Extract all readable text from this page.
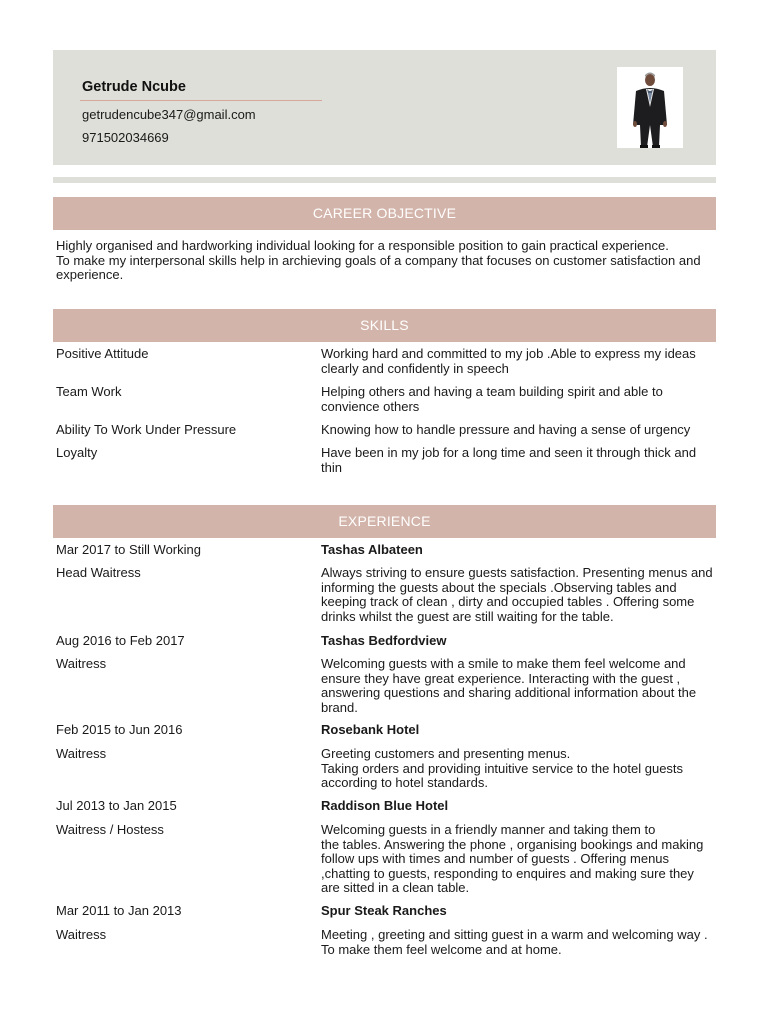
Getrude Ncube
getrudencube347@gmail.com
971502034669
CAREER OBJECTIVE
Highly organised and hardworking individual looking for a responsible position to gain practical experience.
To make my interpersonal skills help in archieving goals of a company that focuses on customer satisfaction and experience.
SKILLS
Positive Attitude	Working hard and committed to my job .Able to express my ideas clearly and confidently in speech
Team Work	Helping others and having a team building spirit and able to convience others
Ability To Work Under Pressure	Knowing how to handle pressure and having a sense of urgency
Loyalty	Have been in my job for a long time and seen it through thick and thin
EXPERIENCE
Mar 2017 to Still Working	Tashas Albateen
Head Waitress	Always striving to ensure guests satisfaction. Presenting menus and informing the guests about the specials .Observing tables and keeping track of clean , dirty and occupied tables . Offering some drinks whilst the guest are still waiting for the table.
Aug 2016 to Feb 2017	Tashas Bedfordview
Waitress	Welcoming guests with a smile to make them feel welcome and ensure they have great experience. Interacting with the guest , answering questions and sharing additional information about the brand.
Feb 2015 to Jun 2016	Rosebank Hotel
Waitress	Greeting customers and presenting menus.
Taking orders and providing intuitive service to the hotel guests according to hotel standards.
Jul 2013 to Jan 2015	Raddison Blue Hotel
Waitress / Hostess	Welcoming guests in a friendly manner and taking them to
the tables. Answering the phone , organising bookings and making follow ups with times and number of guests . Offering menus ,chatting to guests, responding to enquires and making sure they are sitted in a clean table.
Mar 2011 to Jan 2013	Spur Steak Ranches
Waitress	Meeting , greeting and sitting guest in a warm and welcoming way . To make them feel welcome and at home.
